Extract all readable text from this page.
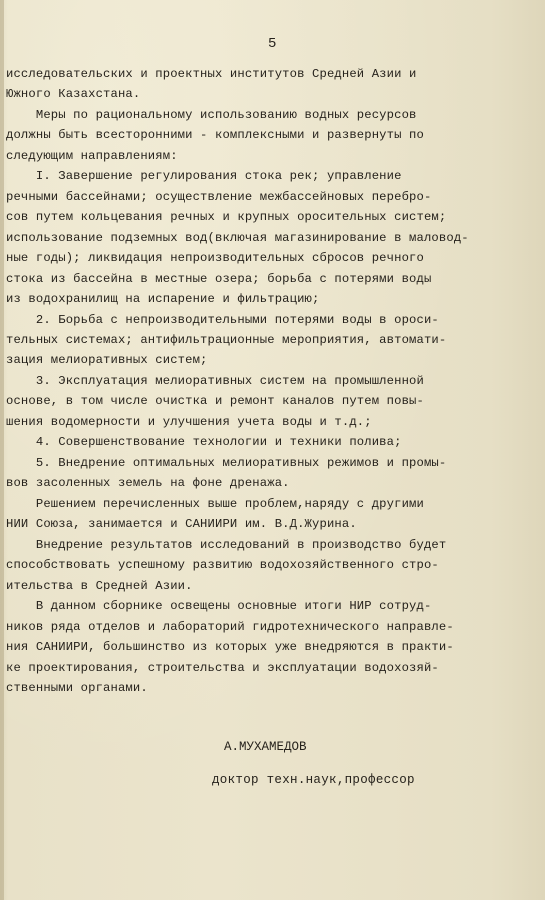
5
исследовательских и проектных институтов Средней Азии и
Южного Казахстана.
Меры по рациональному использованию водных ресурсов
должны быть всесторонними - комплексными и развернуты по
следующим направлениям:
I. Завершение регулирования стока рек; управление
речными бассейнами; осуществление межбассейновых перебро-
сов путем кольцевания речных и крупных оросительных систем;
использование подземных вод(включая магазинирование в маловод-
ные годы); ликвидация непроизводительных сбросов речного
стока из бассейна в местные озера; борьба с потерями воды
из водохранилищ на испарение и фильтрацию;
2. Борьба с непроизводительными потерями воды в ороси-
тельных системах; антифильтрационные мероприятия, автомати-
зация мелиоративных систем;
3. Эксплуатация мелиоративных систем на промышленной
основе, в том числе очистка и ремонт каналов путем повы-
шения водомерности и улучшения учета воды и т.д.;
4. Совершенствование технологии и техники полива;
5. Внедрение оптимальных мелиоративных режимов и промы-
вов засоленных земель на фоне дренажа.
Решением перечисленных выше проблем,наряду с другими
НИИ Союза, занимается и САНИИРИ им. В.Д.Журина.
Внедрение результатов исследований в производство будет
способствовать успешному развитию водохозяйственного стро-
ительства в Средней Азии.
В данном сборнике освещены основные итоги НИР сотруд-
ников ряда отделов и лабораторий гидротехнического направле-
ния САНИИРИ, большинство из которых уже внедряются в практи-
ке проектирования, строительства и эксплуатации водохозяй-
ственными органами.
А.МУХАМЕДОВ
доктор техн.наук,профессор
